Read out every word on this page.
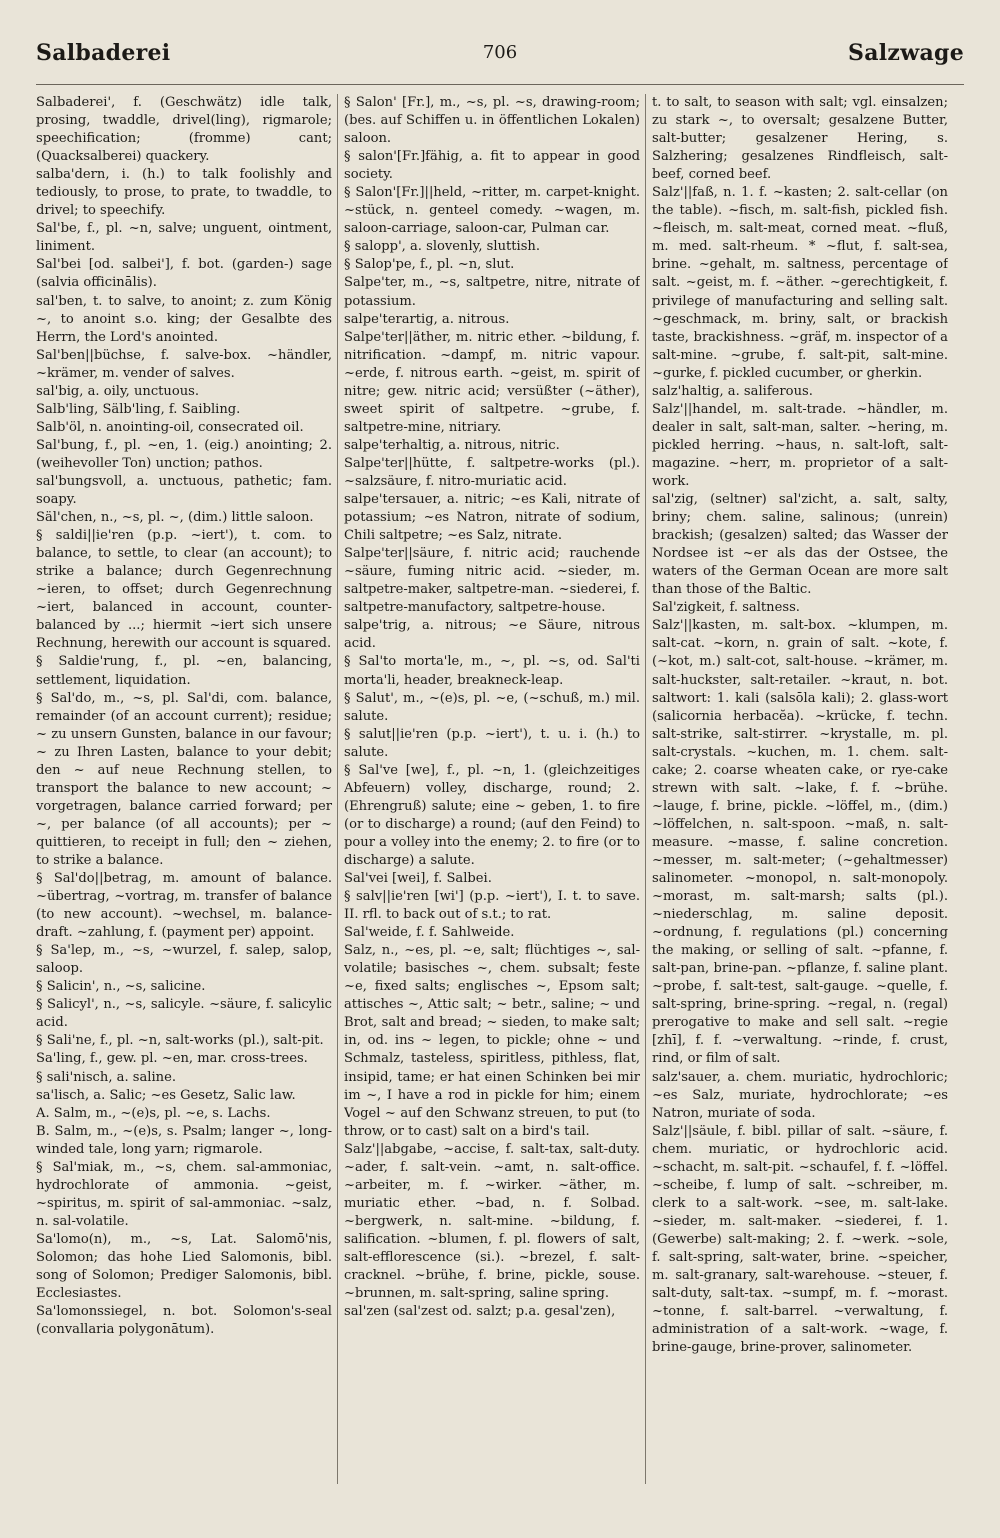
Salbaderei	706	Salzwage

Salbaderei', f. (Geschwätz) idle talk, prosing, twaddle, drivel(ling), rigmarole; speechification; (fromme) cant; (Quacksalberei) quackery.

salba'dern, i. (h.) to talk foolishly and tediously, to prose, to prate, to twaddle, to drivel; to speechify.

Sal'be, f., pl. ~n, salve; unguent, ointment, liniment.

Sal'bei [od. salbei'], f. bot. (garden-) sage (salvia officinālis).

sal'ben, t. to salve, to anoint; z. zum König ~, to anoint s.o. king; der Gesalbte des Herrn, the Lord's anointed.

Sal'ben||büchse, f. salve-box. ~händler, ~krämer, m. vender of salves.

sal'big, a. oily, unctuous.

Salb'ling, Sälb'ling, f. Saibling.

Salb'öl, n. anointing-oil, consecrated oil.

Sal'bung, f., pl. ~en, 1. (eig.) anointing; 2. (weihevoller Ton) unction; pathos.

sal'bungsvoll, a. unctuous, pathetic; fam. soapy.

Säl'chen, n., ~s, pl. ~, (dim.) little saloon.

§ saldi||ie'ren (p.p. ~iert'), t. com. to balance, to settle, to clear (an account); to strike a balance; durch Gegenrechnung ~ieren, to offset; durch Gegenrechnung ~iert, balanced in account, counter-balanced by ...; hiermit ~iert sich unsere Rechnung, herewith our account is squared.

§ Saldie'rung, f., pl. ~en, balancing, settlement, liquidation.

§ Sal'do, m., ~s, pl. Sal'di, com. balance, remainder (of an account current); residue; ~ zu unsern Gunsten, balance in our favour; ~ zu Ihren Lasten, balance to your debit; den ~ auf neue Rechnung stellen, to transport the balance to new account; ~ vorgetragen, balance carried forward; per ~, per balance (of all accounts); per ~ quittieren, to receipt in full; den ~ ziehen, to strike a balance.

§ Sal'do||betrag, m. amount of balance. ~übertrag, ~vortrag, m. transfer of balance (to new account). ~wechsel, m. balance-draft. ~zahlung, f. (payment per) appoint.

§ Sa'lep, m., ~s, ~wurzel, f. salep, salop, saloop.

§ Salicin', n., ~s, salicine.

§ Salicyl', n., ~s, salicyle. ~säure, f. salicylic acid.

§ Sali'ne, f., pl. ~n, salt-works (pl.), salt-pit.

Sa'ling, f., gew. pl. ~en, mar. cross-trees.

§ sali'nisch, a. saline.

sa'lisch, a. Salic; ~es Gesetz, Salic law.

A. Salm, m., ~(e)s, pl. ~e, s. Lachs.

B. Salm, m., ~(e)s, s. Psalm; langer ~, long-winded tale, long yarn; rigmarole.

§ Sal'miak, m., ~s, chem. sal-ammoniac, hydrochlorate of ammonia. ~geist, ~spiritus, m. spirit of sal-ammoniac. ~salz, n. sal-volatile.

Sa'lomo(n), m., ~s, Lat. Salomō'nis, Solomon; das hohe Lied Salomonis, bibl. song of Solomon; Prediger Salomonis, bibl. Ecclesiastes.

Sa'lomonssiegel, n. bot. Solomon's-seal (convallaria polygonātum).

§ Salon' [Fr.], m., ~s, pl. ~s, drawing-room; (bes. auf Schiffen u. in öffentlichen Lokalen) saloon.

§ salon'[Fr.]fähig, a. fit to appear in good society.

§ Salon'[Fr.]||held, ~ritter, m. carpet-knight. ~stück, n. genteel comedy. ~wagen, m. saloon-carriage, saloon-car, Pulman car.

§ salopp', a. slovenly, sluttish.

§ Salop'pe, f., pl. ~n, slut.

Salpe'ter, m., ~s, saltpetre, nitre, nitrate of potassium.

salpe'terartig, a. nitrous.

Salpe'ter||äther, m. nitric ether. ~bildung, f. nitrification. ~dampf, m. nitric vapour. ~erde, f. nitrous earth. ~geist, m. spirit of nitre; gew. nitric acid; versüßter (~äther), sweet spirit of saltpetre. ~grube, f. saltpetre-mine, nitriary.

salpe'terhaltig, a. nitrous, nitric.

Salpe'ter||hütte, f. saltpetre-works (pl.). ~salzsäure, f. nitro-muriatic acid.

salpe'tersauer, a. nitric; ~es Kali, nitrate of potassium; ~es Natron, nitrate of sodium, Chili saltpetre; ~es Salz, nitrate.

Salpe'ter||säure, f. nitric acid; rauchende ~säure, fuming nitric acid. ~sieder, m. saltpetre-maker, saltpetre-man. ~siederei, f. saltpetre-manufactory, saltpetre-house.

salpe'trig, a. nitrous; ~e Säure, nitrous acid.

§ Sal'to morta'le, m., ~, pl. ~s, od. Sal'ti morta'li, header, breakneck-leap.

§ Salut', m., ~(e)s, pl. ~e, (~schuß, m.) mil. salute.

§ salut||ie'ren (p.p. ~iert'), t. u. i. (h.) to salute.

§ Sal've [we], f., pl. ~n, 1. (gleichzeitiges Abfeuern) volley, discharge, round; 2. (Ehrengruß) salute; eine ~ geben, 1. to fire (or to discharge) a round; (auf den Feind) to pour a volley into the enemy; 2. to fire (or to discharge) a salute.

Sal'vei [wei], f. Salbei.

§ salv||ie'ren [wi'] (p.p. ~iert'), I. t. to save. II. rfl. to back out of s.t.; to rat.

Sal'weide, f. f. Sahlweide.

Salz, n., ~es, pl. ~e, salt; flüchtiges ~, sal-volatile; basisches ~, chem. subsalt; feste ~e, fixed salts; englisches ~, Epsom salt; attisches ~, Attic salt; ~ betr., saline; ~ und Brot, salt and bread; ~ sieden, to make salt; in, od. ins ~ legen, to pickle; ohne ~ und Schmalz, tasteless, spiritless, pithless, flat, insipid, tame; er hat einen Schinken bei mir im ~, I have a rod in pickle for him; einem Vogel ~ auf den Schwanz streuen, to put (to throw, or to cast) salt on a bird's tail.

Salz'||abgabe, ~accise, f. salt-tax, salt-duty. ~ader, f. salt-vein. ~amt, n. salt-office. ~arbeiter, m. f. ~wirker. ~äther, m. muriatic ether. ~bad, n. f. Solbad. ~bergwerk, n. salt-mine. ~bildung, f. salification. ~blumen, f. pl. flowers of salt, salt-efflorescence (si.). ~brezel, f. salt-cracknel. ~brühe, f. brine, pickle, souse. ~brunnen, m. salt-spring, saline spring.

sal'zen (sal'zest od. salzt; p.a. gesal'zen),

t. to salt, to season with salt; vgl. einsalzen; zu stark ~, to oversalt; gesalzene Butter, salt-butter; gesalzener Hering, s. Salzhering; gesalzenes Rindfleisch, salt-beef, corned beef.

Salz'||faß, n. 1. f. ~kasten; 2. salt-cellar (on the table). ~fisch, m. salt-fish, pickled fish. ~fleisch, m. salt-meat, corned meat. ~fluß, m. med. salt-rheum. * ~flut, f. salt-sea, brine. ~gehalt, m. saltness, percentage of salt. ~geist, m. f. ~äther. ~gerechtigkeit, f. privilege of manufacturing and selling salt. ~geschmack, m. briny, salt, or brackish taste, brackishness. ~gräf, m. inspector of a salt-mine. ~grube, f. salt-pit, salt-mine. ~gurke, f. pickled cucumber, or gherkin.

salz'haltig, a. saliferous.

Salz'||handel, m. salt-trade. ~händler, m. dealer in salt, salt-man, salter. ~hering, m. pickled herring. ~haus, n. salt-loft, salt-magazine. ~herr, m. proprietor of a salt-work.

sal'zig, (seltner) sal'zicht, a. salt, salty, briny; chem. saline, salinous; (unrein) brackish; (gesalzen) salted; das Wasser der Nordsee ist ~er als das der Ostsee, the waters of the German Ocean are more salt than those of the Baltic.

Sal'zigkeit, f. saltness.

Salz'||kasten, m. salt-box. ~klumpen, m. salt-cat. ~korn, n. grain of salt. ~kote, f. (~kot, m.) salt-cot, salt-house. ~krämer, m. salt-huckster, salt-retailer. ~kraut, n. bot. saltwort: 1. kali (salsōla kali); 2. glass-wort (salicornia herbacĕa). ~krücke, f. techn. salt-strike, salt-stirrer. ~krystalle, m. pl. salt-crystals. ~kuchen, m. 1. chem. salt-cake; 2. coarse wheaten cake, or rye-cake strewn with salt. ~lake, f. f. ~brühe. ~lauge, f. brine, pickle. ~löffel, m., (dim.) ~löffelchen, n. salt-spoon. ~maß, n. salt-measure. ~masse, f. saline concretion. ~messer, m. salt-meter; (~gehaltmesser) salinometer. ~monopol, n. salt-monopoly. ~morast, m. salt-marsh; salts (pl.). ~niederschlag, m. saline deposit. ~ordnung, f. regulations (pl.) concerning the making, or selling of salt. ~pfanne, f. salt-pan, brine-pan. ~pflanze, f. saline plant. ~probe, f. salt-test, salt-gauge. ~quelle, f. salt-spring, brine-spring. ~regal, n. (regal) prerogative to make and sell salt. ~regie [zhī], f. f. ~verwaltung. ~rinde, f. crust, rind, or film of salt.

salz'sauer, a. chem. muriatic, hydrochloric; ~es Salz, muriate, hydrochlorate; ~es Natron, muriate of soda.

Salz'||säule, f. bibl. pillar of salt. ~säure, f. chem. muriatic, or hydrochloric acid. ~schacht, m. salt-pit. ~schaufel, f. f. ~löffel. ~scheibe, f. lump of salt. ~schreiber, m. clerk to a salt-work. ~see, m. salt-lake. ~sieder, m. salt-maker. ~siederei, f. 1. (Gewerbe) salt-making; 2. f. ~werk. ~sole, f. salt-spring, salt-water, brine. ~speicher, m. salt-granary, salt-warehouse. ~steuer, f. salt-duty, salt-tax. ~sumpf, m. f. ~morast. ~tonne, f. salt-barrel. ~verwaltung, f. administration of a salt-work. ~wage, f. brine-gauge, brine-prover, salinometer.
